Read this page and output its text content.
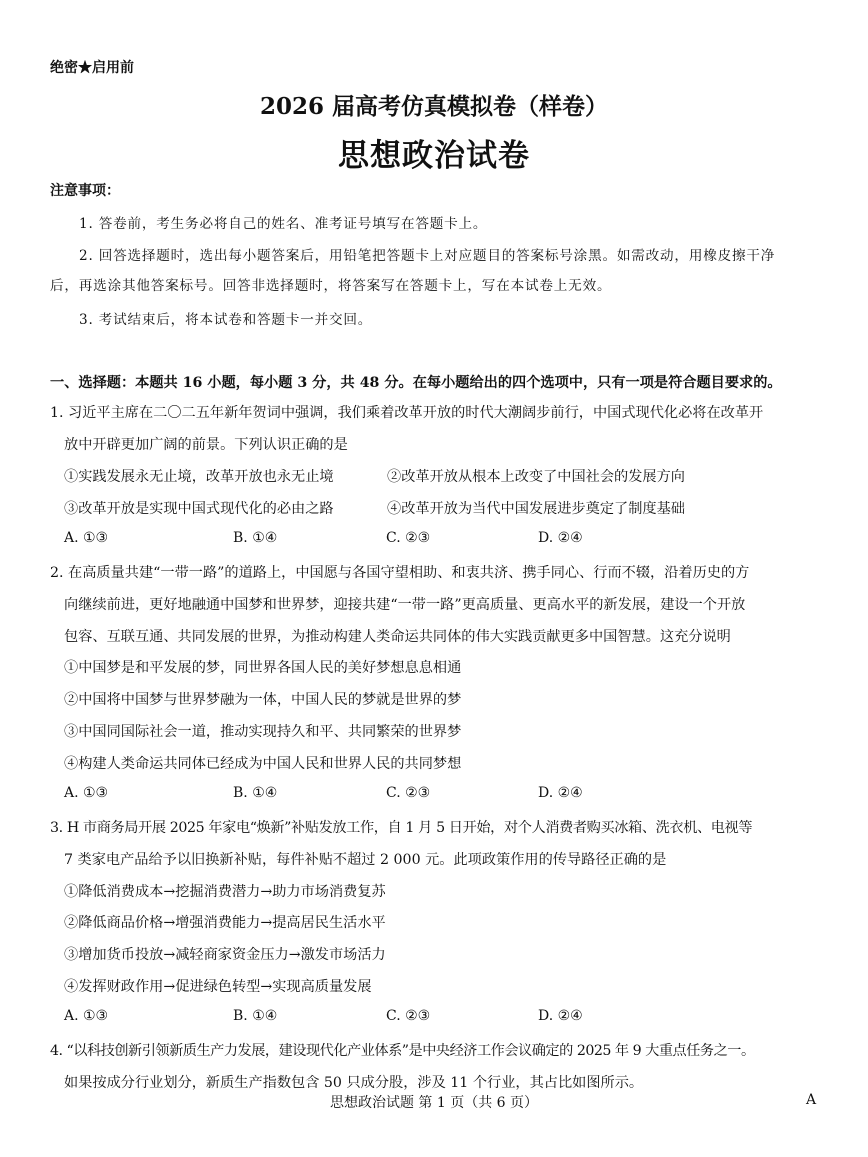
绝密★启用前
2026 届高考仿真模拟卷（样卷）
思想政治试卷
注意事项：
1. 答卷前，考生务必将自己的姓名、准考证号填写在答题卡上。
2. 回答选择题时，选出每小题答案后，用铅笔把答题卡上对应题目的答案标号涂黑。如需改动，用橡皮擦干净
后，再选涂其他答案标号。回答非选择题时，将答案写在答题卡上，写在本试卷上无效。
3. 考试结束后，将本试卷和答题卡一并交回。
一、选择题：本题共 16 小题，每小题 3 分，共 48 分。在每小题给出的四个选项中，只有一项是符合题目要求的。
1. 习近平主席在二〇二五年新年贺词中强调，我们乘着改革开放的时代大潮阔步前行，中国式现代化必将在改革开
放中开辟更加广阔的前景。下列认识正确的是
①实践发展永无止境，改革开放也永无止境	②改革开放从根本上改变了中国社会的发展方向
③改革开放是实现中国式现代化的必由之路	④改革开放为当代中国发展进步奠定了制度基础
A. ①③	B. ①④	C. ②③	D. ②④
2. 在高质量共建“一带一路”的道路上，中国愿与各国守望相助、和衷共济、携手同心、行而不辍，沿着历史的方
向继续前进，更好地融通中国梦和世界梦，迎接共建“一带一路”更高质量、更高水平的新发展，建设一个开放
包容、互联互通、共同发展的世界，为推动构建人类命运共同体的伟大实践贡献更多中国智慧。这充分说明
①中国梦是和平发展的梦，同世界各国人民的美好梦想息息相通
②中国将中国梦与世界梦融为一体，中国人民的梦就是世界的梦
③中国同国际社会一道，推动实现持久和平、共同繁荣的世界梦
④构建人类命运共同体已经成为中国人民和世界人民的共同梦想
A. ①③	B. ①④	C. ②③	D. ②④
3. H 市商务局开展 2025 年家电“焕新”补贴发放工作，自 1 月 5 日开始，对个人消费者购买冰箱、洗衣机、电视等
7 类家电产品给予以旧换新补贴，每件补贴不超过 2 000 元。此项政策作用的传导路径正确的是
①降低消费成本→挖掘消费潜力→助力市场消费复苏
②降低商品价格→增强消费能力→提高居民生活水平
③增加货币投放→减轻商家资金压力→激发市场活力
④发挥财政作用→促进绿色转型→实现高质量发展
A. ①③	B. ①④	C. ②③	D. ②④
4. “以科技创新引领新质生产力发展，建设现代化产业体系”是中央经济工作会议确定的 2025 年 9 大重点任务之一。
如果按成分行业划分，新质生产指数包含 50 只成分股，涉及 11 个行业，其占比如图所示。
思想政治试题 第 1 页（共 6 页）	A
